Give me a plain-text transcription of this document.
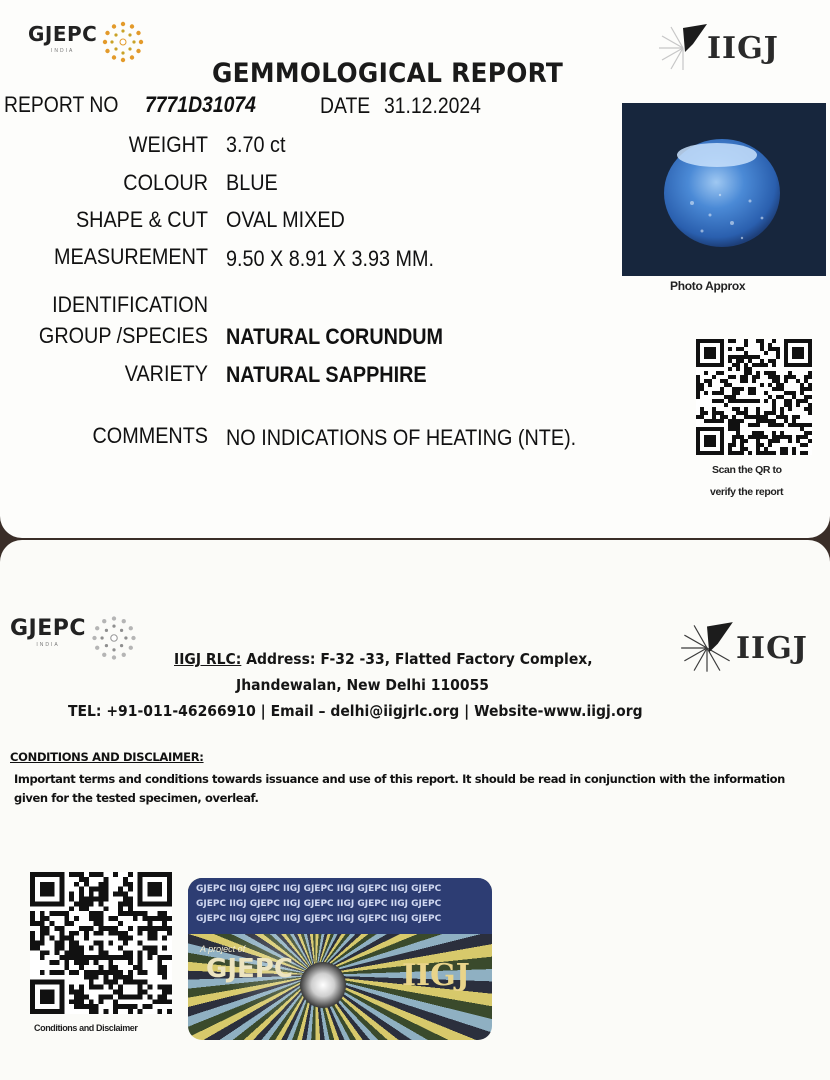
GJEPC
INDIA	IIGJ
GEMMOLOGICAL REPORT
REPORT NO 7771D31074	DATE 31.12.2024
WEIGHT 3.70 ct
COLOUR BLUE
SHAPE & CUT OVAL MIXED
MEASUREMENT 9.50 X 8.91 X 3.93 MM.
IDENTIFICATION
GROUP /SPECIES NATURAL CORUNDUM
VARIETY NATURAL SAPPHIRE
COMMENTS NO INDICATIONS OF HEATING (NTE).
Photo Approx
Scan the QR to
verify the report
GJEPC
INDIA	IIGJ
IIGJ RLC: Address: F-32 -33, Flatted Factory Complex,
Jhandewalan, New Delhi 110055
TEL: +91-011-46266910 | Email – delhi@iigjrlc.org | Website-www.iigj.org
CONDITIONS AND DISCLAIMER:
Important terms and conditions towards issuance and use of this report. It should be read in conjunction with the information given for the tested specimen, overleaf.
Conditions and Disclaimer
GJEPC IIGJ GJEPC IIGJ GJEPC IIGJ GJEPC IIGJ GJEPC
GJEPC IIGJ GJEPC IIGJ GJEPC IIGJ GJEPC IIGJ GJEPC
GJEPC IIGJ GJEPC IIGJ GJEPC IIGJ GJEPC IIGJ GJEPC
A project of
GJEPC	IIGJ
